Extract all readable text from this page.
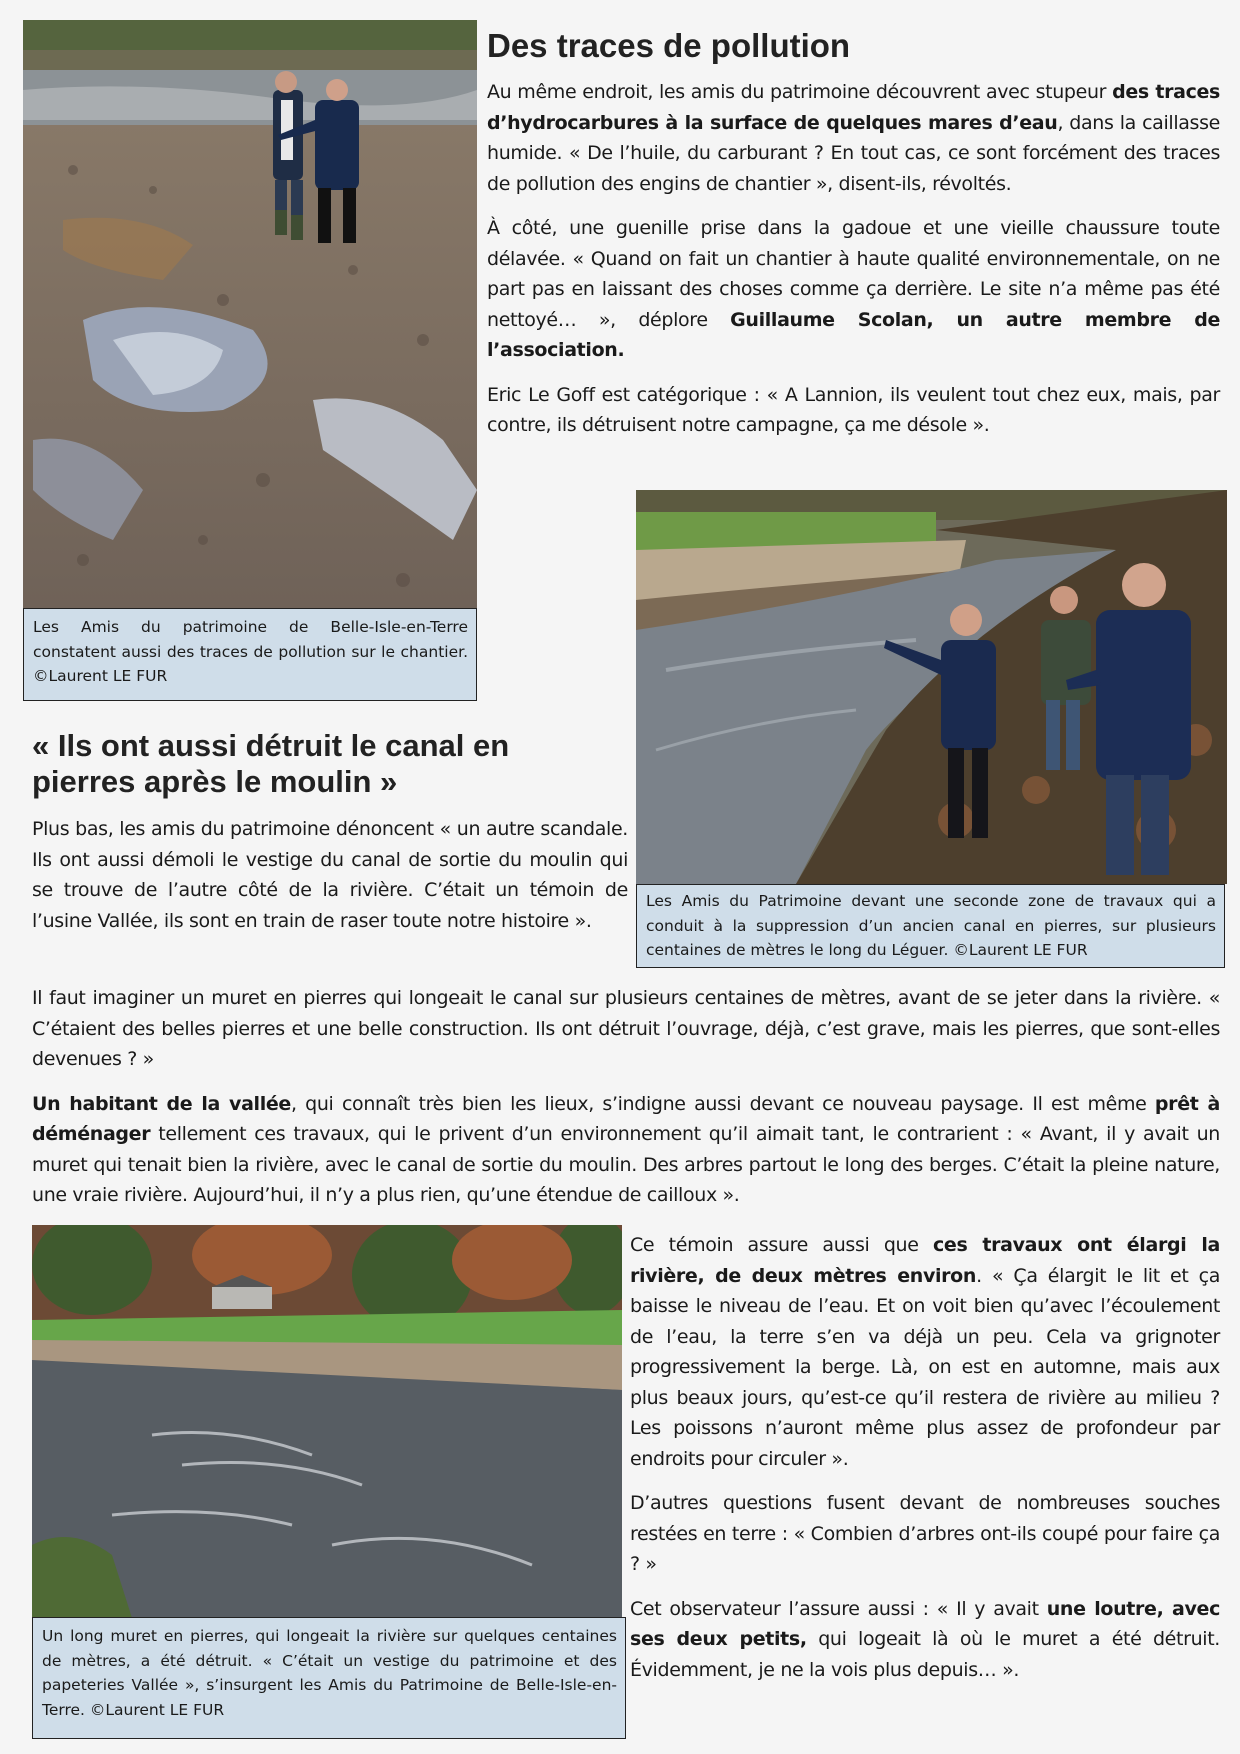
Les Amis du patrimoine de Belle-Isle-en-Terre constatent aussi des traces de pollution sur le chantier. ©Laurent LE FUR
Des traces de pollution

Au même endroit, les amis du patrimoine découvrent avec stupeur des traces d’hydrocarbures à la surface de quelques mares d’eau, dans la caillasse humide. « De l’huile, du carburant ? En tout cas, ce sont forcément des traces de pollution des engins de chantier », disent-ils, révoltés.

À côté, une guenille prise dans la gadoue et une vieille chaussure toute délavée. « Quand on fait un chantier à haute qualité environnementale, on ne part pas en laissant des choses comme ça derrière. Le site n’a même pas été nettoyé… », déplore Guillaume Scolan, un autre membre de l’association.

Eric Le Goff est catégorique : « A Lannion, ils veulent tout chez eux, mais, par contre, ils détruisent notre campagne, ça me désole ».

Les Amis du Patrimoine devant une seconde zone de travaux qui a conduit à la suppression d’un ancien canal en pierres, sur plusieurs centaines de mètres le long du Léguer. ©Laurent LE FUR
« Ils ont aussi détruit le canal en pierres après le moulin »

Plus bas, les amis du patrimoine dénoncent « un autre scandale. Ils ont aussi démoli le vestige du canal de sortie du moulin qui se trouve de l’autre côté de la rivière. C’était un témoin de l’usine Vallée, ils sont en train de raser toute notre histoire ».

Il faut imaginer un muret en pierres qui longeait le canal sur plusieurs centaines de mètres, avant de se jeter dans la rivière. « C’étaient des belles pierres et une belle construction. Ils ont détruit l’ouvrage, déjà, c’est grave, mais les pierres, que sont-elles devenues ? »

Un habitant de la vallée, qui connaît très bien les lieux, s’indigne aussi devant ce nouveau paysage. Il est même prêt à déménager tellement ces travaux, qui le privent d’un environnement qu’il aimait tant, le contrarient : « Avant, il y avait un muret qui tenait bien la rivière, avec le canal de sortie du moulin. Des arbres partout le long des berges. C’était la pleine nature, une vraie rivière. Aujourd’hui, il n’y a plus rien, qu’une étendue de cailloux ».

Un long muret en pierres, qui longeait la rivière sur quelques centaines de mètres, a été détruit. « C’était un vestige du patrimoine et des papeteries Vallée », s’insurgent les Amis du Patrimoine de Belle-Isle-en-Terre. ©Laurent LE FUR

Ce témoin assure aussi que ces travaux ont élargi la rivière, de deux mètres environ. « Ça élargit le lit et ça baisse le niveau de l’eau. Et on voit bien qu’avec l’écoulement de l’eau, la terre s’en va déjà un peu. Cela va grignoter progressivement la berge. Là, on est en automne, mais aux plus beaux jours, qu’est-ce qu’il restera de rivière au milieu ? Les poissons n’auront même plus assez de profondeur par endroits pour circuler ».

D’autres questions fusent devant de nombreuses souches restées en terre : « Combien d’arbres ont-ils coupé pour faire ça ? »

Cet observateur l’assure aussi : « Il y avait une loutre, avec ses deux petits, qui logeait là où le muret a été détruit. Évidemment, je ne la vois plus depuis… ».
